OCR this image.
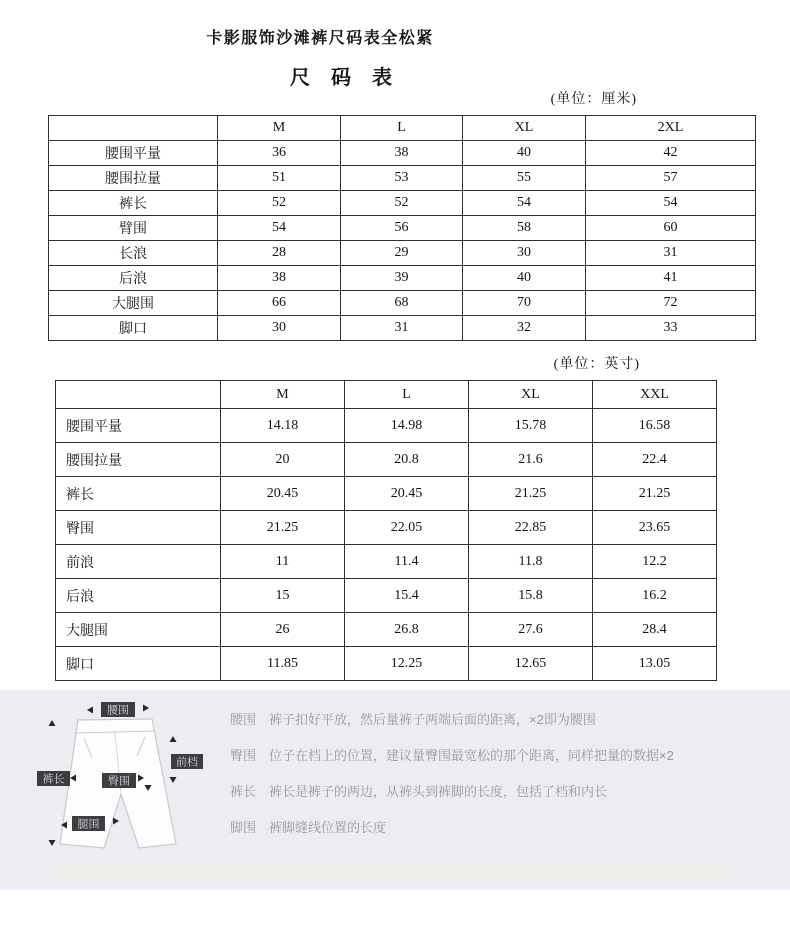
卡影服饰沙滩裤尺码表全松紧
尺 码 表
(单位：厘米)
	M	L	XL	2XL
腰围平量	36	38	40	42
腰围拉量	51	53	55	57
裤长	52	52	54	54
臂围	54	56	58	60
长浪	28	29	30	31
后浪	38	39	40	41
大腿围	66	68	70	72
脚口	30	31	32	33
(单位：英寸)
	M	L	XL	XXL
腰围平量	14.18	14.98	15.78	16.58
腰围拉量	20	20.8	21.6	22.4
裤长	20.45	20.45	21.25	21.25
臀围	21.25	22.05	22.85	23.65
前浪	11	11.4	11.8	12.2
后浪	15	15.4	15.8	16.2
大腿围	26	26.8	27.6	28.4
脚口	11.85	12.25	12.65	13.05
腰围
前档
裤长	臀围
腿围
腰围 裤子扣好平放，然后量裤子两端后面的距离，×2即为腰围
臀围 位子在档上的位置，建议量臀围最宽松的那个距离，同样把量的数据×2
裤长 裤长是裤子的两边，从裤头到裤脚的长度，包括了档和内长
脚围 裤脚缝线位置的长度
